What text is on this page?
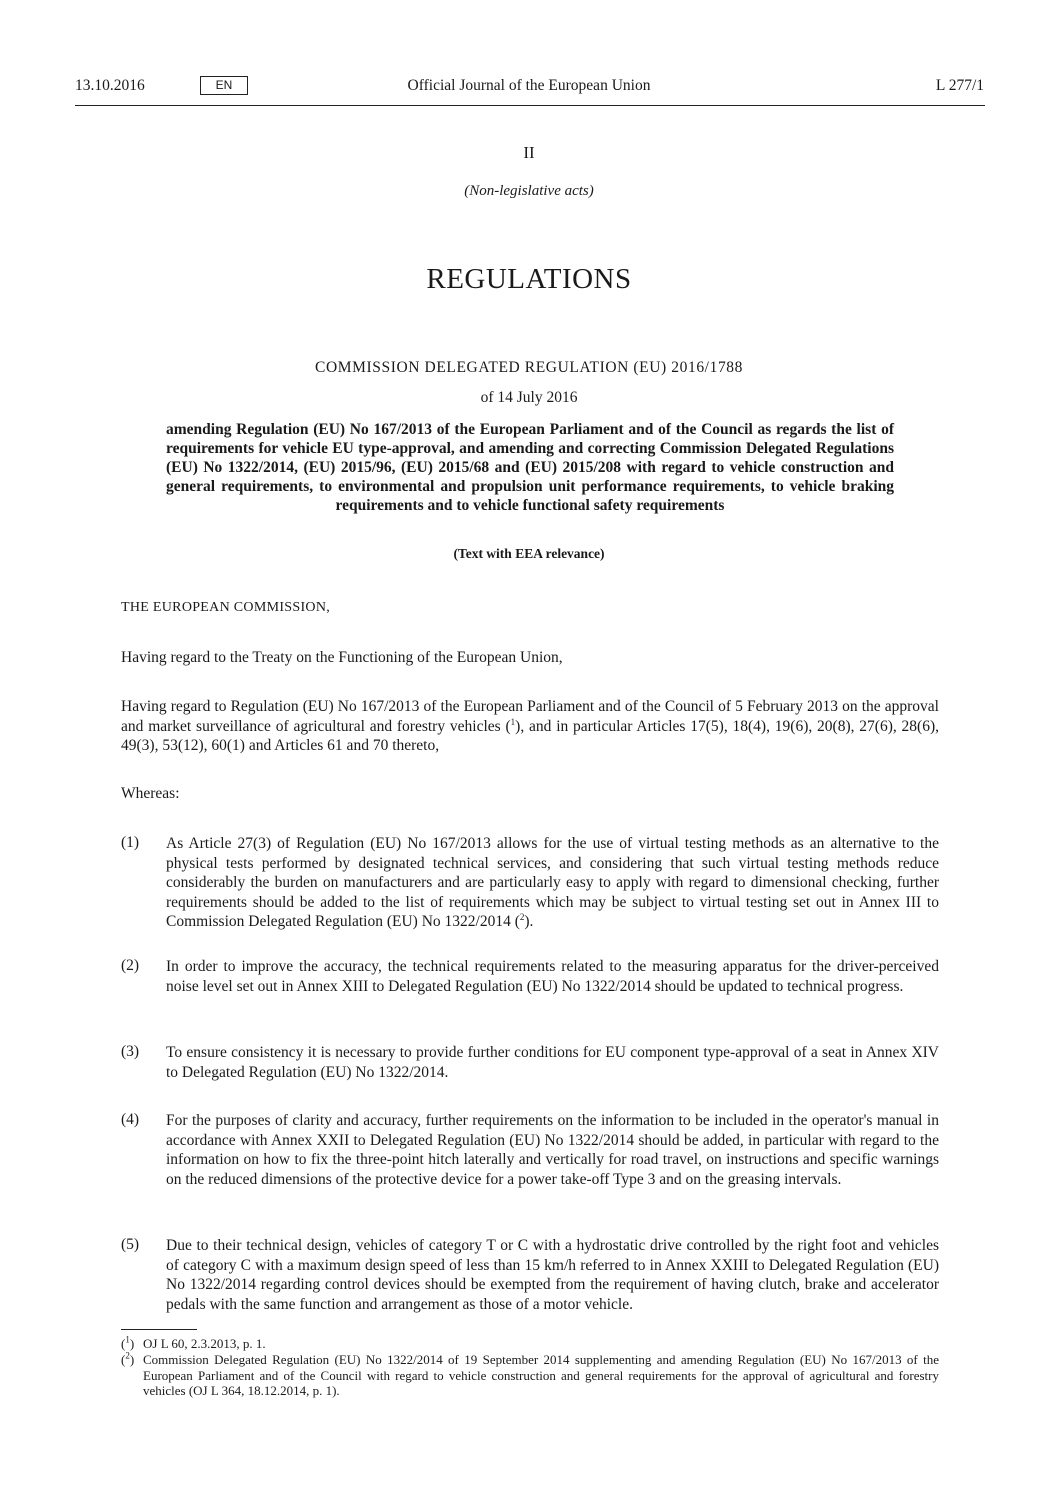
13.10.2016	EN	Official Journal of the European Union	L 277/1
II
(Non-legislative acts)
REGULATIONS
COMMISSION DELEGATED REGULATION (EU) 2016/1788
of 14 July 2016
amending Regulation (EU) No 167/2013 of the European Parliament and of the Council as regards the list of requirements for vehicle EU type-approval, and amending and correcting Commission Delegated Regulations (EU) No 1322/2014, (EU) 2015/96, (EU) 2015/68 and (EU) 2015/208 with regard to vehicle construction and general requirements, to environmental and propulsion unit performance requirements, to vehicle braking requirements and to vehicle functional safety requirements
(Text with EEA relevance)
THE EUROPEAN COMMISSION,
Having regard to the Treaty on the Functioning of the European Union,
Having regard to Regulation (EU) No 167/2013 of the European Parliament and of the Council of 5 February 2013 on the approval and market surveillance of agricultural and forestry vehicles ($^1$), and in particular Articles 17(5), 18(4), 19(6), 20(8), 27(6), 28(6), 49(3), 53(12), 60(1) and Articles 61 and 70 thereto,
Whereas:
(1)	As Article 27(3) of Regulation (EU) No 167/2013 allows for the use of virtual testing methods as an alternative to the physical tests performed by designated technical services, and considering that such virtual testing methods reduce considerably the burden on manufacturers and are particularly easy to apply with regard to dimensional checking, further requirements should be added to the list of requirements which may be subject to virtual testing set out in Annex III to Commission Delegated Regulation (EU) No 1322/2014 ($^2$).
(2)	In order to improve the accuracy, the technical requirements related to the measuring apparatus for the driver-perceived noise level set out in Annex XIII to Delegated Regulation (EU) No 1322/2014 should be updated to technical progress.
(3)	To ensure consistency it is necessary to provide further conditions for EU component type-approval of a seat in Annex XIV to Delegated Regulation (EU) No 1322/2014.
(4)	For the purposes of clarity and accuracy, further requirements on the information to be included in the operator's manual in accordance with Annex XXII to Delegated Regulation (EU) No 1322/2014 should be added, in particular with regard to the information on how to fix the three-point hitch laterally and vertically for road travel, on instructions and specific warnings on the reduced dimensions of the protective device for a power take-off Type 3 and on the greasing intervals.
(5)	Due to their technical design, vehicles of category T or C with a hydrostatic drive controlled by the right foot and vehicles of category C with a maximum design speed of less than 15 km/h referred to in Annex XXIII to Delegated Regulation (EU) No 1322/2014 regarding control devices should be exempted from the requirement of having clutch, brake and accelerator pedals with the same function and arrangement as those of a motor vehicle.
($^1$) OJ L 60, 2.3.2013, p. 1.
($^2$) Commission Delegated Regulation (EU) No 1322/2014 of 19 September 2014 supplementing and amending Regulation (EU) No 167/2013 of the European Parliament and of the Council with regard to vehicle construction and general requirements for the approval of agricultural and forestry vehicles (OJ L 364, 18.12.2014, p. 1).
